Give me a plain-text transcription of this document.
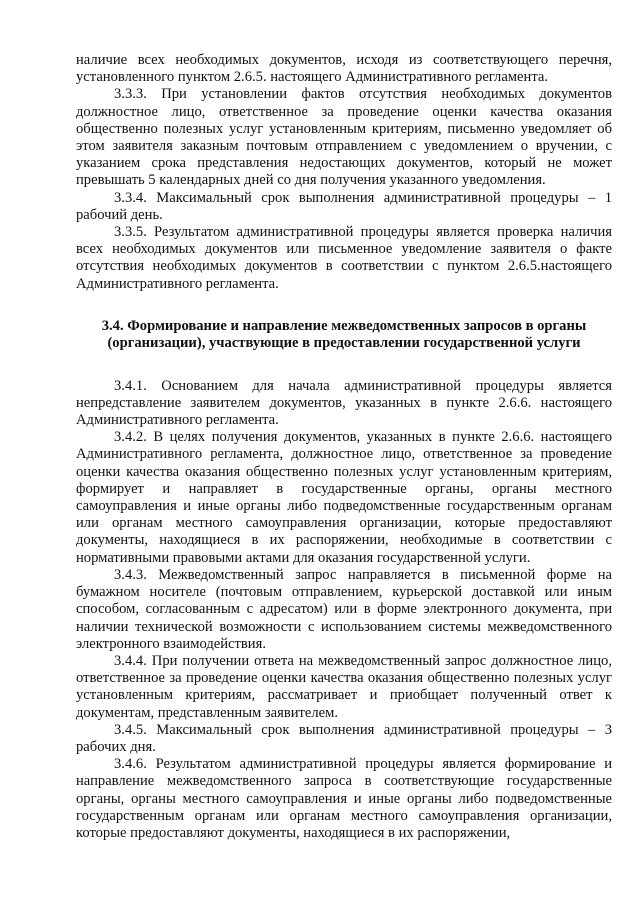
наличие всех необходимых документов, исходя из соответствующего перечня, установленного пунктом 2.6.5. настоящего Административного регламента.

3.3.3. При установлении фактов отсутствия необходимых документов должностное лицо, ответственное за проведение оценки качества оказания общественно полезных услуг установленным критериям, письменно уведомляет об этом заявителя заказным почтовым отправлением с уведомлением о вручении, с указанием срока представления недостающих документов, который не может превышать 5 календарных дней со дня получения указанного уведомления.

3.3.4. Максимальный срок выполнения административной процедуры – 1 рабочий день.

3.3.5. Результатом административной процедуры является проверка наличия всех необходимых документов или письменное уведомление заявителя о факте отсутствия необходимых документов в соответствии с пунктом 2.6.5.настоящего Административного регламента.

3.4. Формирование и направление межведомственных запросов в органы (организации), участвующие в предоставлении государственной услуги

3.4.1. Основанием для начала административной процедуры является непредставление заявителем документов, указанных в пункте 2.6.6. настоящего Административного регламента.

3.4.2. В целях получения документов, указанных в пункте 2.6.6. настоящего Административного регламента, должностное лицо, ответственное за проведение оценки качества оказания общественно полезных услуг установленным критериям, формирует и направляет в государственные органы, органы местного самоуправления и иные органы либо подведомственные государственным органам или органам местного самоуправления организации, которые предоставляют документы, находящиеся в их распоряжении, необходимые в соответствии с нормативными правовыми актами для оказания государственной услуги.

3.4.3. Межведомственный запрос направляется в письменной форме на бумажном носителе (почтовым отправлением, курьерской доставкой или иным способом, согласованным с адресатом) или в форме электронного документа, при наличии технической возможности с использованием системы межведомственного электронного взаимодействия.

3.4.4. При получении ответа на межведомственный запрос должностное лицо, ответственное за проведение оценки качества оказания общественно полезных услуг установленным критериям, рассматривает и приобщает полученный ответ к документам, представленным заявителем.

3.4.5. Максимальный срок выполнения административной процедуры – 3 рабочих дня.

3.4.6. Результатом административной процедуры является формирование и направление межведомственного запроса в соответствующие государственные органы, органы местного самоуправления и иные органы либо подведомственные государственным органам или органам местного самоуправления организации, которые предоставляют документы, находящиеся в их распоряжении,
